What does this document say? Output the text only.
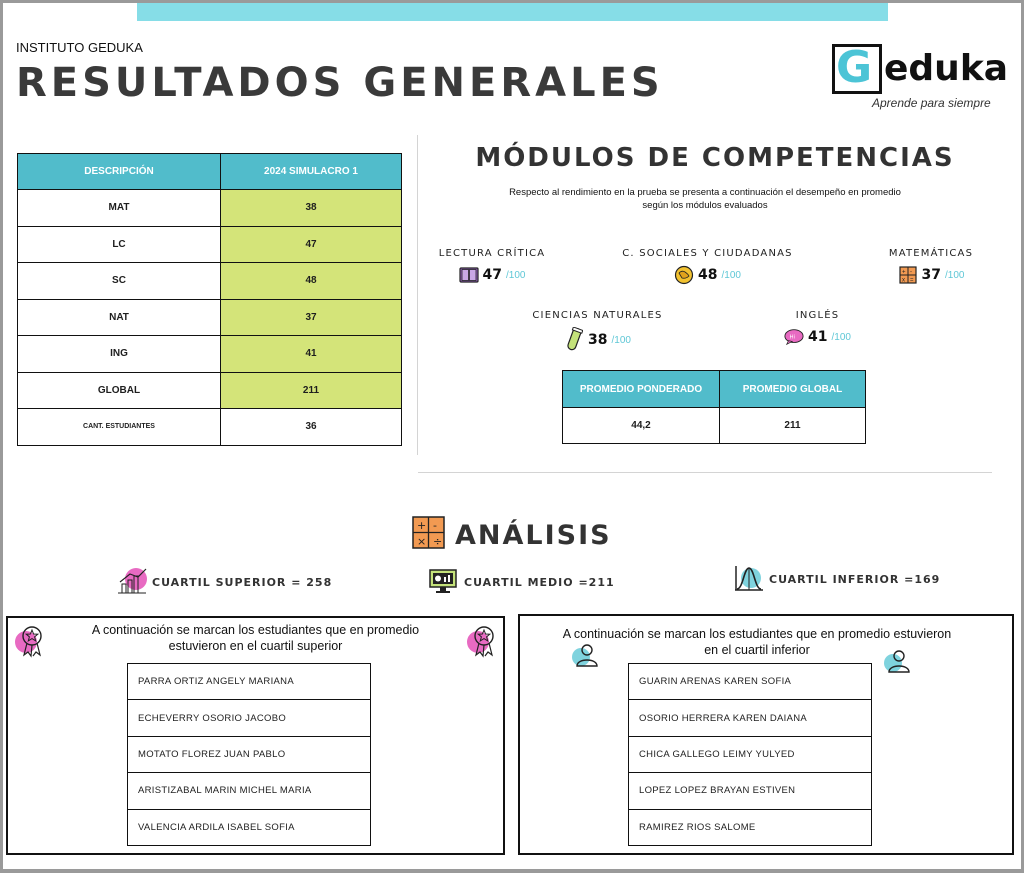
INSTITUTO GEDUKA
RESULTADOS GENERALES	G eduka
Aprende para siempre
DESCRIPCIÓN	2024 SIMULACRO 1
MAT	38
LC	47
SC	48
NAT	37
ING	41
GLOBAL	211
CANT. ESTUDIANTES	36
MÓDULOS DE COMPETENCIAS
Respecto al rendimiento en la prueba se presenta a continuación el desempeño en promedio según los módulos evaluados
LECTURA CRÍTICA
47 /100
C. SOCIALES Y CIUDADANAS
48 /100
MATEMÁTICAS
+ -
x = 37 /100
CIENCIAS NATURALES
38 /100
INGLÉS
Hi 41 /100
PROMEDIO PONDERADO	PROMEDIO GLOBAL
44,2	211
+ -
× ÷ ANÁLISIS
CUARTIL SUPERIOR = 258	CUARTIL MEDIO =211	CUARTIL INFERIOR =169
A continuación se marcan los estudiantes que en promedio estuvieron en el cuartil superior
PARRA ORTIZ ANGELY MARIANA
ECHEVERRY OSORIO JACOBO
MOTATO FLOREZ JUAN PABLO
ARISTIZABAL MARIN MICHEL MARIA
VALENCIA ARDILA ISABEL SOFIA
A continuación se marcan los estudiantes que en promedio estuvieron en el cuartil inferior
GUARIN ARENAS KAREN SOFIA
OSORIO HERRERA KAREN DAIANA
CHICA GALLEGO LEIMY YULYED
LOPEZ LOPEZ BRAYAN ESTIVEN
RAMIREZ RIOS SALOME
